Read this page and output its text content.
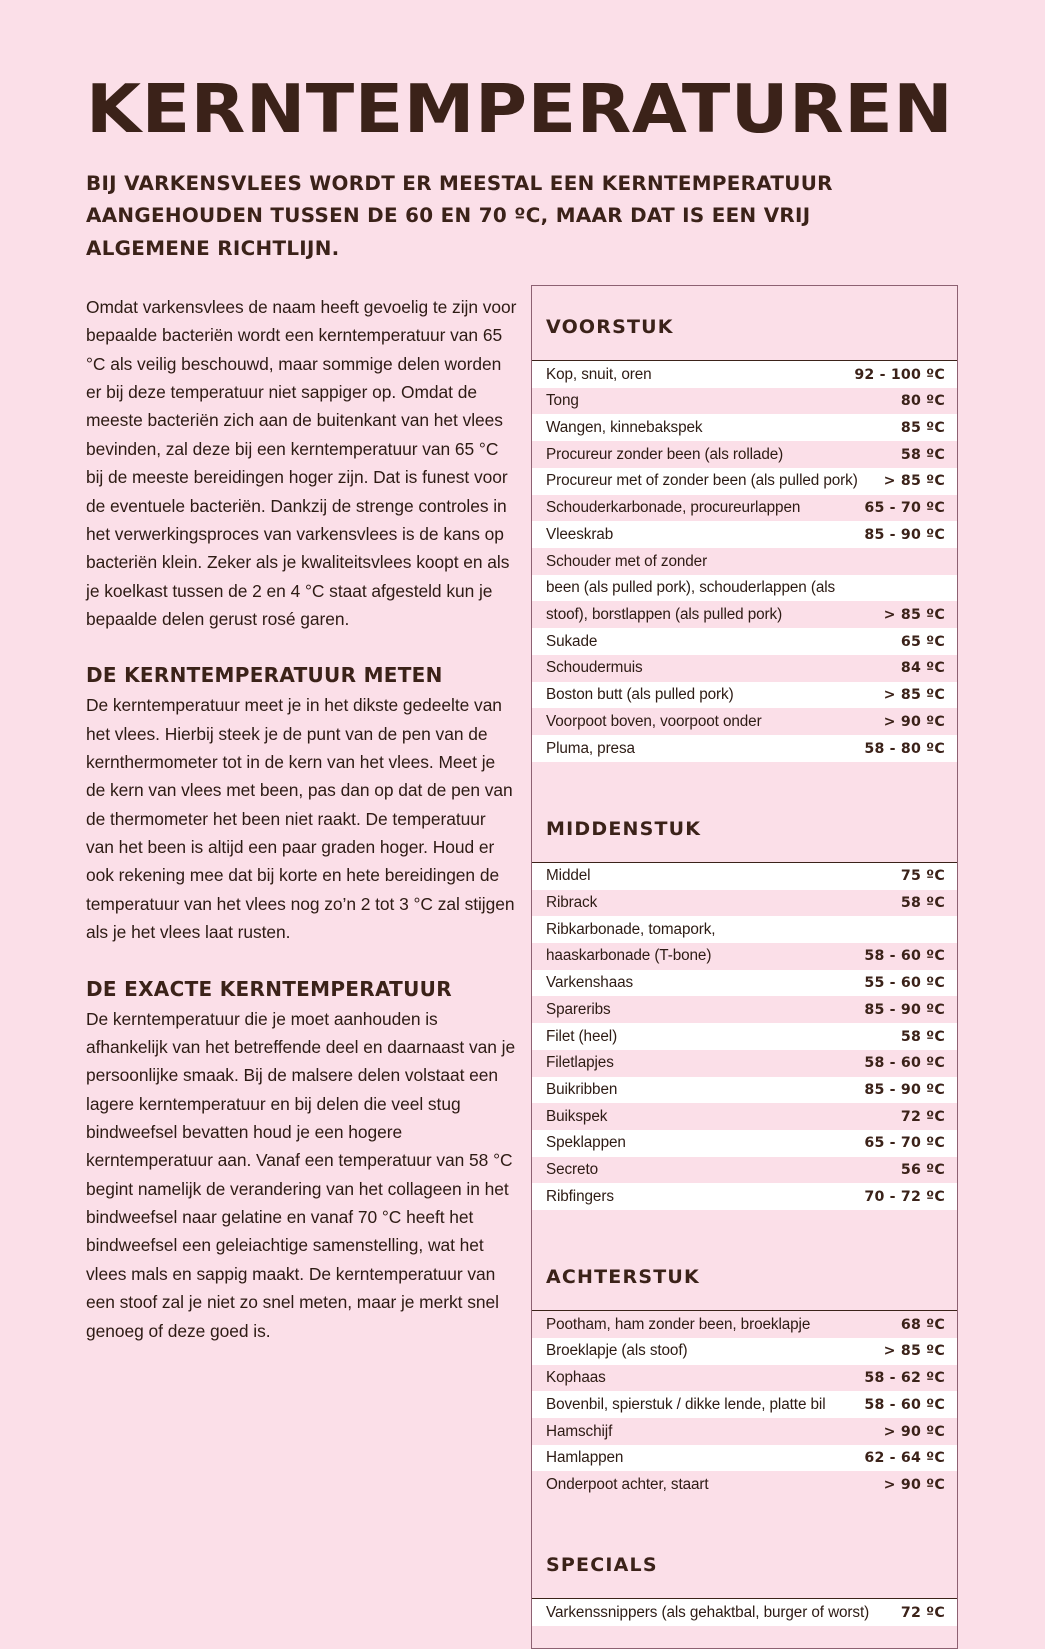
KERNTEMPERATUREN

BIJ VARKENSVLEES WORDT ER MEESTAL EEN KERNTEMPERATUUR AANGEHOUDEN TUSSEN DE 60 EN 70 ºC, MAAR DAT IS EEN VRIJ ALGEMENE RICHTLIJN.

Omdat varkensvlees de naam heeft gevoelig te zijn voor bepaalde bacteriën wordt een kerntemperatuur van 65 °C als veilig beschouwd, maar sommige delen worden er bij deze temperatuur niet sappiger op. Omdat de meeste bacteriën zich aan de buitenkant van het vlees bevinden, zal deze bij een kerntemperatuur van 65 °C bij de meeste bereidingen hoger zijn. Dat is funest voor de eventuele bacteriën. Dankzij de strenge controles in het verwerkingsproces van varkensvlees is de kans op bacteriën klein. Zeker als je kwaliteitsvlees koopt en als je koelkast tussen de 2 en 4 °C staat afgesteld kun je bepaalde delen gerust rosé garen.

DE KERNTEMPERATUUR METEN

De kerntemperatuur meet je in het dikste gedeelte van het vlees. Hierbij steek je de punt van de pen van de kernthermometer tot in de kern van het vlees. Meet je de kern van vlees met been, pas dan op dat de pen van de thermometer het been niet raakt. De temperatuur van het been is altijd een paar graden hoger. Houd er ook rekening mee dat bij korte en hete bereidingen de temperatuur van het vlees nog zo’n 2 tot 3 °C zal stijgen als je het vlees laat rusten.

DE EXACTE KERNTEMPERATUUR

De kerntemperatuur die je moet aanhouden is afhankelijk van het betreffende deel en daarnaast van je persoonlijke smaak. Bij de malsere delen volstaat een lagere kerntemperatuur en bij delen die veel stug bindweefsel bevatten houd je een hogere kerntemperatuur aan. Vanaf een temperatuur van 58 °C begint namelijk de verandering van het collageen in het bindweefsel naar gelatine en vanaf 70 °C heeft het bindweefsel een geleiachtige samenstelling, wat het vlees mals en sappig maakt. De kerntemperatuur van een stoof zal je niet zo snel meten, maar je merkt snel genoeg of deze goed is.

VOORSTUK
Kop, snuit, oren	92 - 100 ºC
Tong	80 ºC
Wangen, kinnebakspek	85 ºC
Procureur zonder been (als rollade)	58 ºC
Procureur met of zonder been (als pulled pork) > 85 ºC
Schouderkarbonade, procureurlappen	65 - 70 ºC
Vleeskrab	85 - 90 ºC
Schouder met of zonder
been (als pulled pork), schouderlappen (als
stoof), borstlappen (als pulled pork)	> 85 ºC
Sukade	65 ºC
Schoudermuis	84 ºC
Boston butt (als pulled pork)	> 85 ºC
Voorpoot boven, voorpoot onder	> 90 ºC
Pluma, presa	58 - 80 ºC
MIDDENSTUK
Middel	75 ºC
Ribrack	58 ºC
Ribkarbonade, tomapork,
haaskarbonade (T-bone)	58 - 60 ºC
Varkenshaas	55 - 60 ºC
Spareribs	85 - 90 ºC
Filet (heel)	58 ºC
Filetlapjes	58 - 60 ºC
Buikribben	85 - 90 ºC
Buikspek	72 ºC
Speklappen	65 - 70 ºC
Secreto	56 ºC
Ribfingers	70 - 72 ºC
ACHTERSTUK
Pootham, ham zonder been, broeklapje	68 ºC
Broeklapje (als stoof)	> 85 ºC
Kophaas	58 - 62 ºC
Bovenbil, spierstuk / dikke lende, platte bil	58 - 60 ºC
Hamschijf	> 90 ºC
Hamlappen	62 - 64 ºC
Onderpoot achter, staart	> 90 ºC
SPECIALS
Varkenssnippers (als gehaktbal, burger of worst) 72 ºC
